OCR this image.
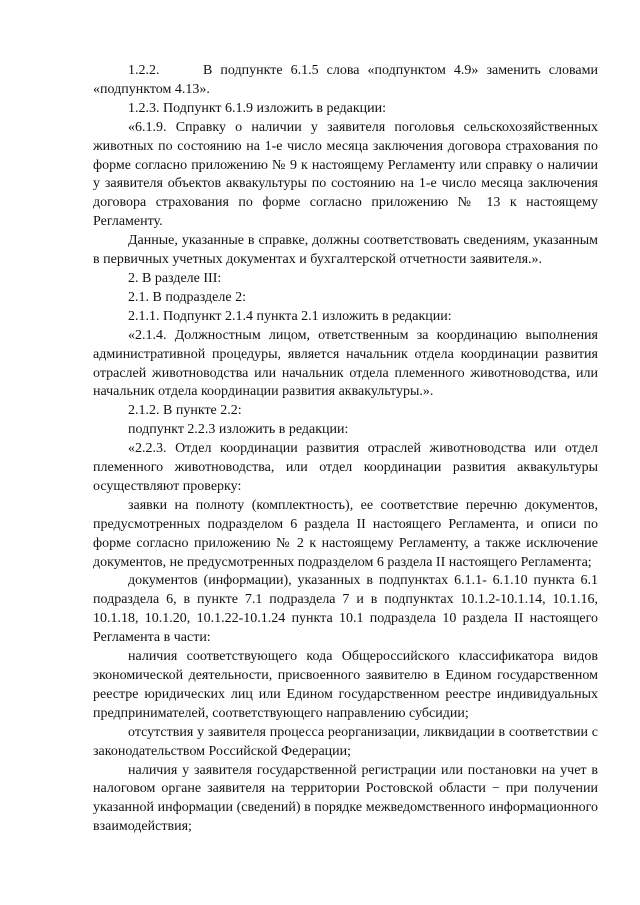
1.2.2.	В подпункте 6.1.5 слова «подпунктом 4.9» заменить словами «подпунктом 4.13».

1.2.3. Подпункт 6.1.9 изложить в редакции:

«6.1.9. Справку о наличии у заявителя поголовья сельскохозяйственных животных по состоянию на 1-е число месяца заключения договора страхования по форме согласно приложению № 9 к настоящему Регламенту или справку о наличии у заявителя объектов аквакультуры по состоянию на 1-е число месяца заключения договора страхования по форме согласно приложению № 13 к настоящему Регламенту.

Данные, указанные в справке, должны соответствовать сведениям, указанным в первичных учетных документах и бухгалтерской отчетности заявителя.».

2. В разделе III:

2.1. В подразделе 2:

2.1.1. Подпункт 2.1.4 пункта 2.1 изложить в редакции:

«2.1.4. Должностным лицом, ответственным за координацию выполнения административной процедуры, является начальник отдела координации развития отраслей животноводства или начальник отдела племенного животноводства, или начальник отдела координации развития аквакультуры.».

2.1.2. В пункте 2.2:

подпункт 2.2.3 изложить в редакции:

«2.2.3. Отдел координации развития отраслей животноводства или отдел племенного животноводства, или отдел координации развития аквакультуры осуществляют проверку:

заявки на полноту (комплектность), ее соответствие перечню документов, предусмотренных подразделом 6 раздела II настоящего Регламента, и описи по форме согласно приложению № 2 к настоящему Регламенту, а также исключение документов, не предусмотренных подразделом 6 раздела II настоящего Регламента;

документов (информации), указанных в подпунктах 6.1.1- 6.1.10 пункта 6.1 подраздела 6, в пункте 7.1 подраздела 7 и в подпунктах 10.1.2-10.1.14, 10.1.16, 10.1.18, 10.1.20, 10.1.22-10.1.24 пункта 10.1 подраздела 10 раздела II настоящего Регламента в части:

наличия соответствующего кода Общероссийского классификатора видов экономической деятельности, присвоенного заявителю в Едином государственном реестре юридических лиц или Едином государственном реестре индивидуальных предпринимателей, соответствующего направлению субсидии;

отсутствия у заявителя процесса реорганизации, ликвидации в соответствии с законодательством Российской Федерации;

наличия у заявителя государственной регистрации или постановки на учет в налоговом органе заявителя на территории Ростовской области − при получении указанной информации (сведений) в порядке межведомственного информационного взаимодействия;
